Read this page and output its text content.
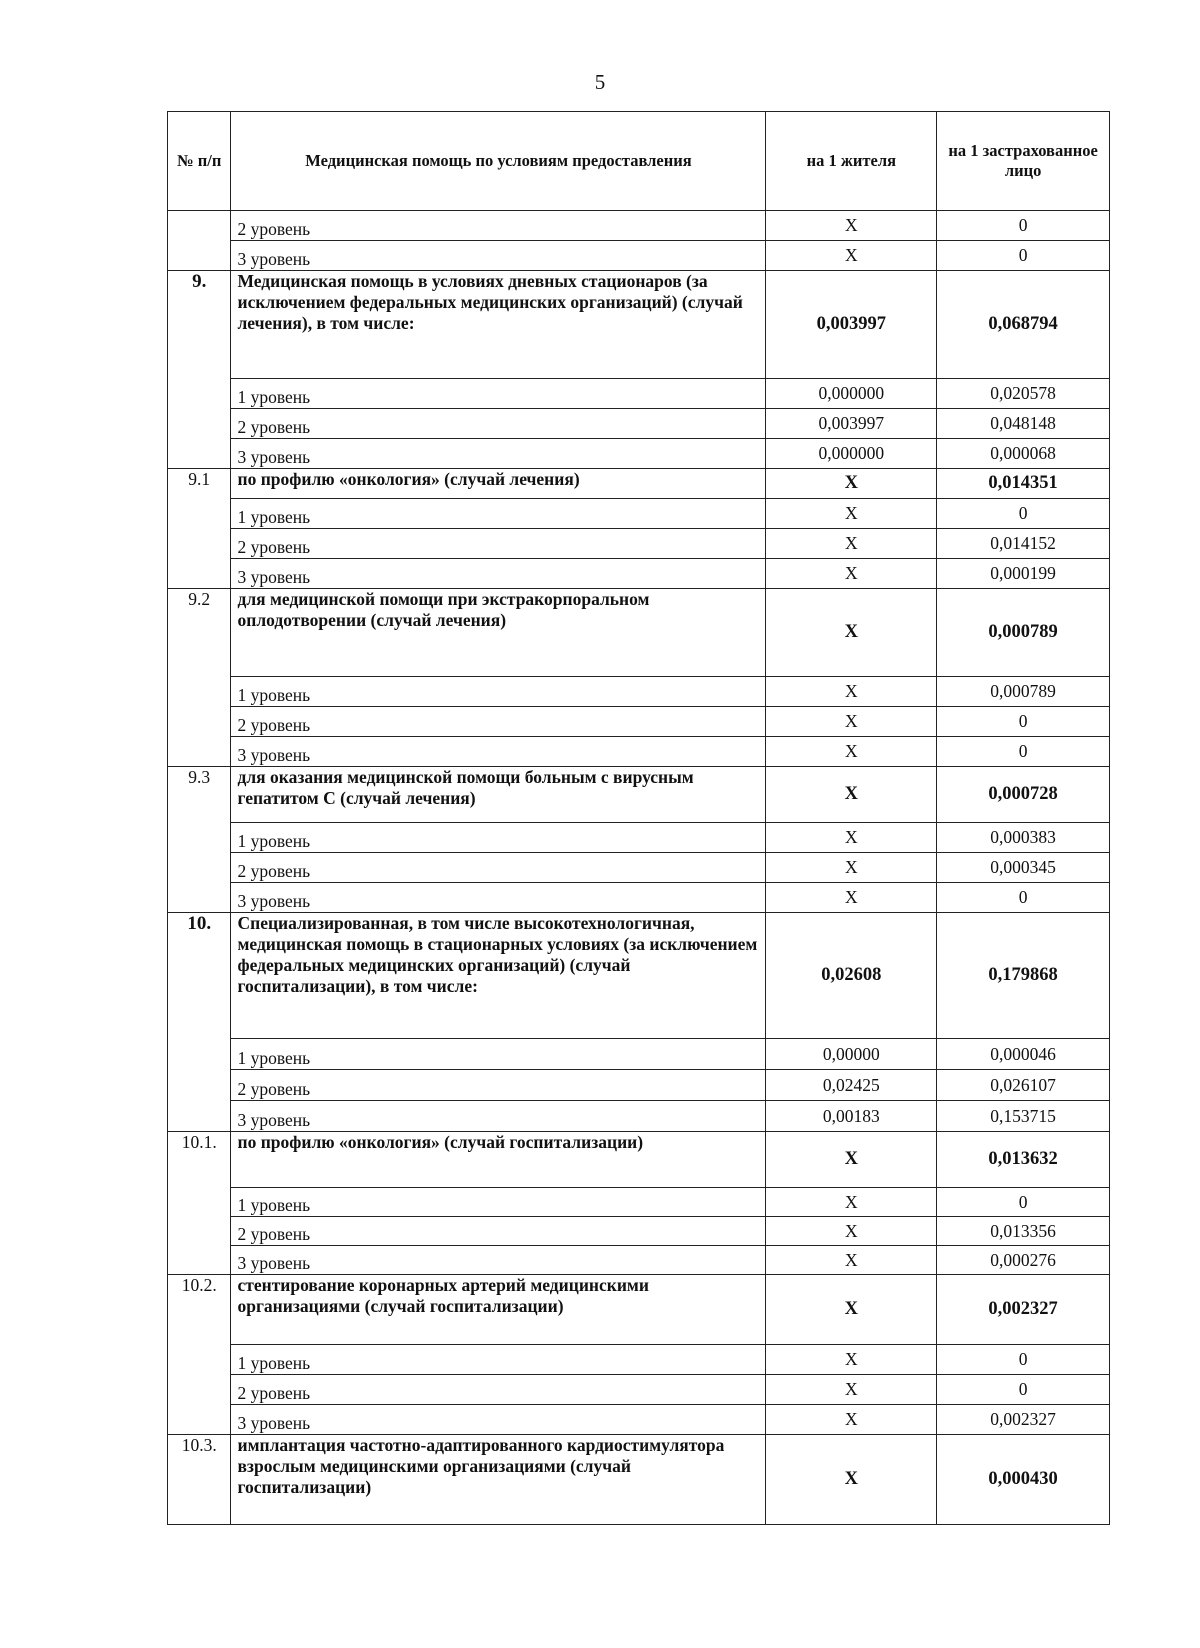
5
№ п/п	Медицинская помощь по условиям предоставления	на 1 жителя	на 1 застрахованное лицо
	2 уровень	X	0
	3 уровень	X	0
9.	Медицинская помощь в условиях дневных стационаров (за исключением федеральных медицинских организаций) (случай лечения), в том числе:	0,003997	0,068794
	1 уровень	0,000000	0,020578
	2 уровень	0,003997	0,048148
	3 уровень	0,000000	0,000068
9.1	по профилю «онкология» (случай лечения)	X	0,014351
	1 уровень	X	0
	2 уровень	X	0,014152
	3 уровень	X	0,000199
9.2	для медицинской помощи при экстракорпоральном оплодотворении (случай лечения)	X	0,000789
	1 уровень	X	0,000789
	2 уровень	X	0
	3 уровень	X	0
9.3	для оказания медицинской помощи больным с вирусным гепатитом С (случай лечения)	X	0,000728
	1 уровень	X	0,000383
	2 уровень	X	0,000345
	3 уровень	X	0
10.	Специализированная, в том числе высокотехнологичная, медицинская помощь в стационарных условиях (за исключением федеральных медицинских организаций) (случай госпитализации), в том числе:	0,02608	0,179868
	1 уровень	0,00000	0,000046
	2 уровень	0,02425	0,026107
	3 уровень	0,00183	0,153715
10.1.	по профилю «онкология» (случай госпитализации)	X	0,013632
	1 уровень	X	0
	2 уровень	X	0,013356
	3 уровень	X	0,000276
10.2.	стентирование коронарных артерий медицинскими организациями (случай госпитализации)	X	0,002327
	1 уровень	X	0
	2 уровень	X	0
	3 уровень	X	0,002327
10.3.	имплантация частотно-адаптированного кардиостимулятора взрослым медицинскими организациями (случай госпитализации)	X	0,000430
